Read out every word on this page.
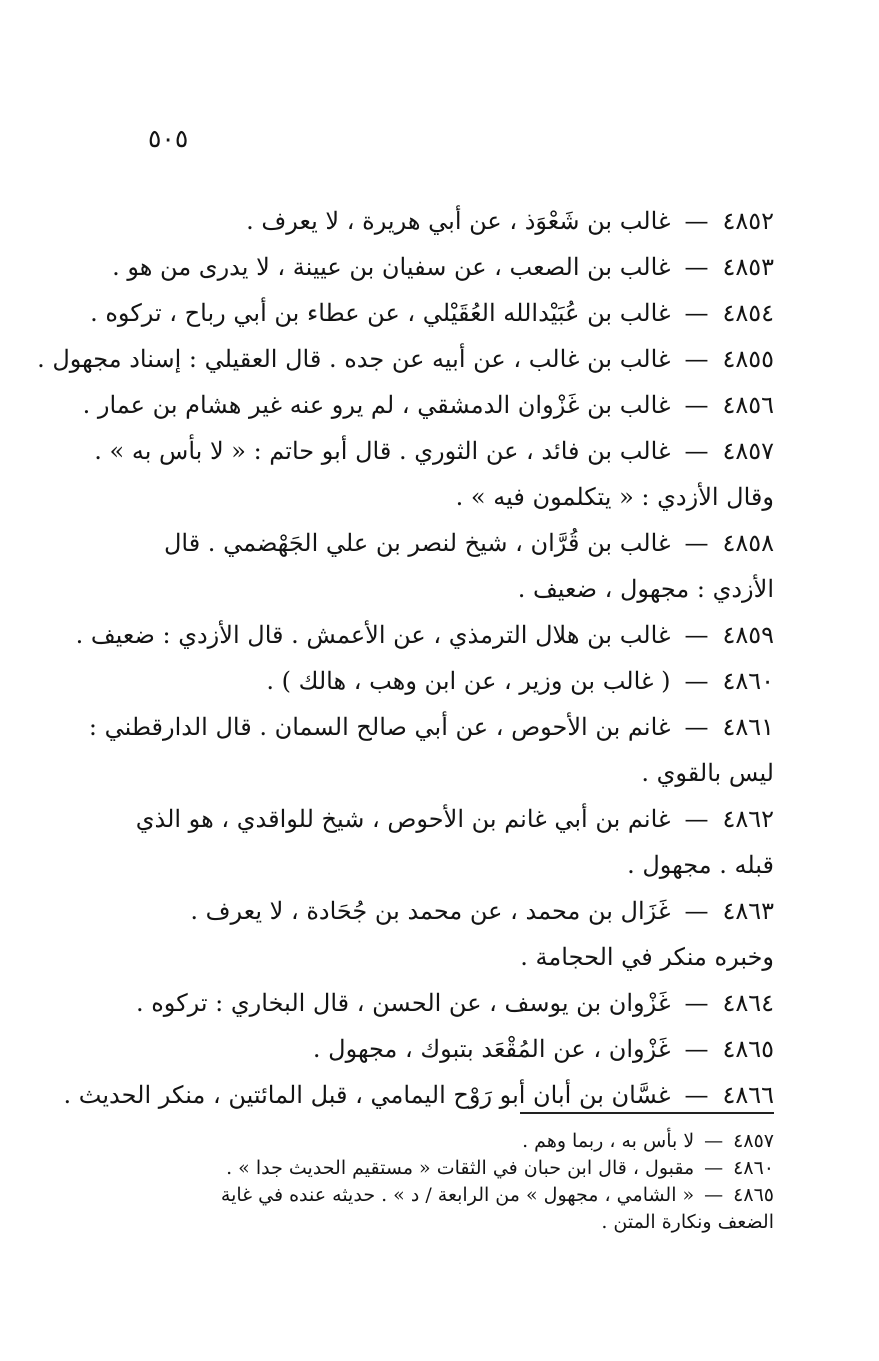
٥٠٥
٤٨٥٢—غالب بن شَعْوَذ ، عن أبي هريرة ، لا يعرف .
٤٨٥٣—غالب بن الصعب ، عن سفيان بن عيينة ، لا يدرى من هو .
٤٨٥٤—غالب بن عُبَيْدالله العُقَيْلي ، عن عطاء بن أبي رباح ، تركوه .
٤٨٥٥—غالب بن غالب ، عن أبيه عن جده . قال العقيلي : إسناد مجهول .
٤٨٥٦—غالب بن غَزْوان الدمشقي ، لم يرو عنه غير هشام بن عمار .
٤٨٥٧—غالب بن فائد ، عن الثوري . قال أبو حاتم : « لا بأس به » .
وقال الأزدي : « يتكلمون فيه » .
٤٨٥٨—غالب بن قُرَّان ، شيخ لنصر بن علي الجَهْضمي . قال
الأزدي : مجهول ، ضعيف .
٤٨٥٩—غالب بن هلال الترمذي ، عن الأعمش . قال الأزدي : ضعيف .
٤٨٦٠—( غالب بن وزير ، عن ابن وهب ، هالك ) .
٤٨٦١—غانم بن الأحوص ، عن أبي صالح السمان . قال الدارقطني :
ليس بالقوي .
٤٨٦٢—غانم بن أبي غانم بن الأحوص ، شيخ للواقدي ، هو الذي
قبله . مجهول .
٤٨٦٣—غَزَال بن محمد ، عن محمد بن جُحَادة ، لا يعرف .
وخبره منكر في الحجامة .
٤٨٦٤—غَزْوان بن يوسف ، عن الحسن ، قال البخاري : تركوه .
٤٨٦٥—غَزْوان ، عن المُقْعَد بتبوك ، مجهول .
٤٨٦٦—غسَّان بن أبان أبو رَوْح اليمامي ، قبل المائتين ، منكر الحديث .
٤٨٥٧—لا بأس به ، ربما وهم .
٤٨٦٠—مقبول ، قال ابن حبان في الثقات « مستقيم الحديث جدا » .
٤٨٦٥—« الشامي ، مجهول » من الرابعة / د » . حديثه عنده في غاية
الضعف ونكارة المتن .
